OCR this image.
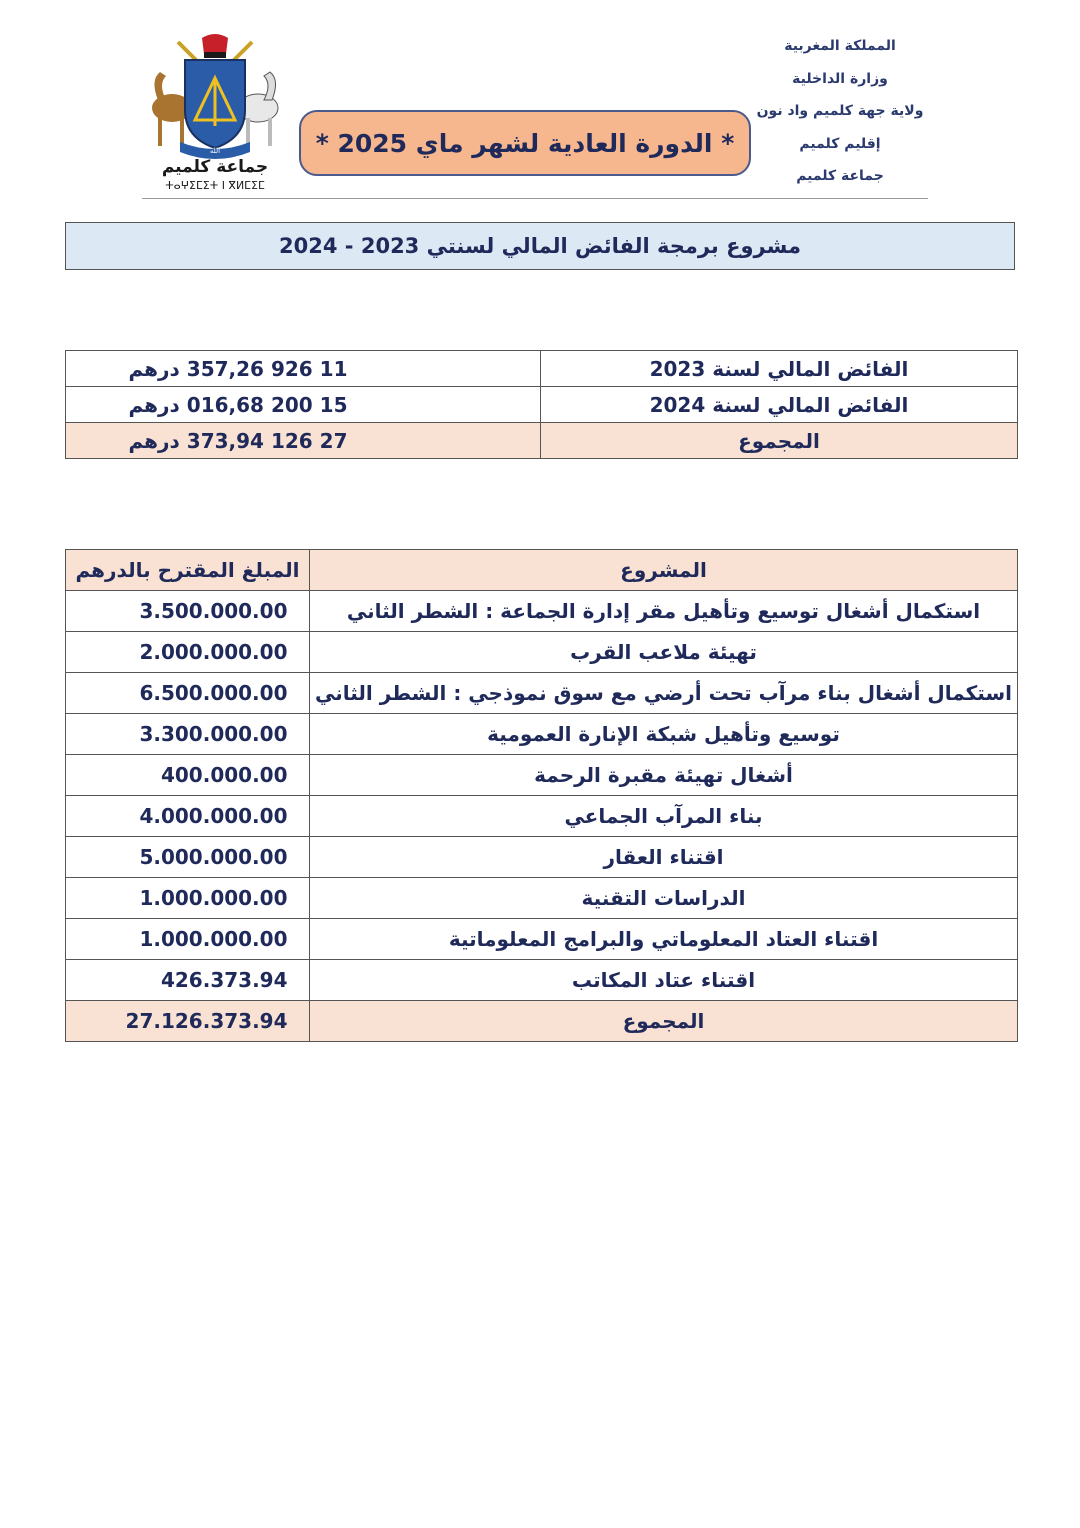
الله
جماعة كلميم
ⵜⴰⵖⵉⵎⵉⵜ ⵏ ⴳⵍⵎⵉⵎ
* الدورة العادية لشهر ماي 2025 *
المملكة المغربية
وزارة الداخلية
ولاية جهة كلميم واد نون
إقليم كلميم
جماعة كلميم
مشروع برمجة الفائض المالي لسنتي 2023 - 2024
11 926 357,26 درهم	الفائض المالي لسنة 2023
15 200 016,68 درهم	الفائض المالي لسنة 2024
27 126 373,94 درهم	المجموع
المبلغ المقترح بالدرهم	المشروع
3.500.000.00	استكمال أشغال توسيع وتأهيل مقر إدارة الجماعة : الشطر الثاني
2.000.000.00	تهيئة ملاعب القرب
6.500.000.00	استكمال أشغال بناء مرآب تحت أرضي مع سوق نموذجي : الشطر الثاني
3.300.000.00	توسيع وتأهيل شبكة الإنارة العمومية
400.000.00	أشغال تهيئة مقبرة الرحمة
4.000.000.00	بناء المرآب الجماعي
5.000.000.00	اقتناء العقار
1.000.000.00	الدراسات التقنية
1.000.000.00	اقتناء العتاد المعلوماتي والبرامج المعلوماتية
426.373.94	اقتناء عتاد المكاتب
27.126.373.94	المجموع
